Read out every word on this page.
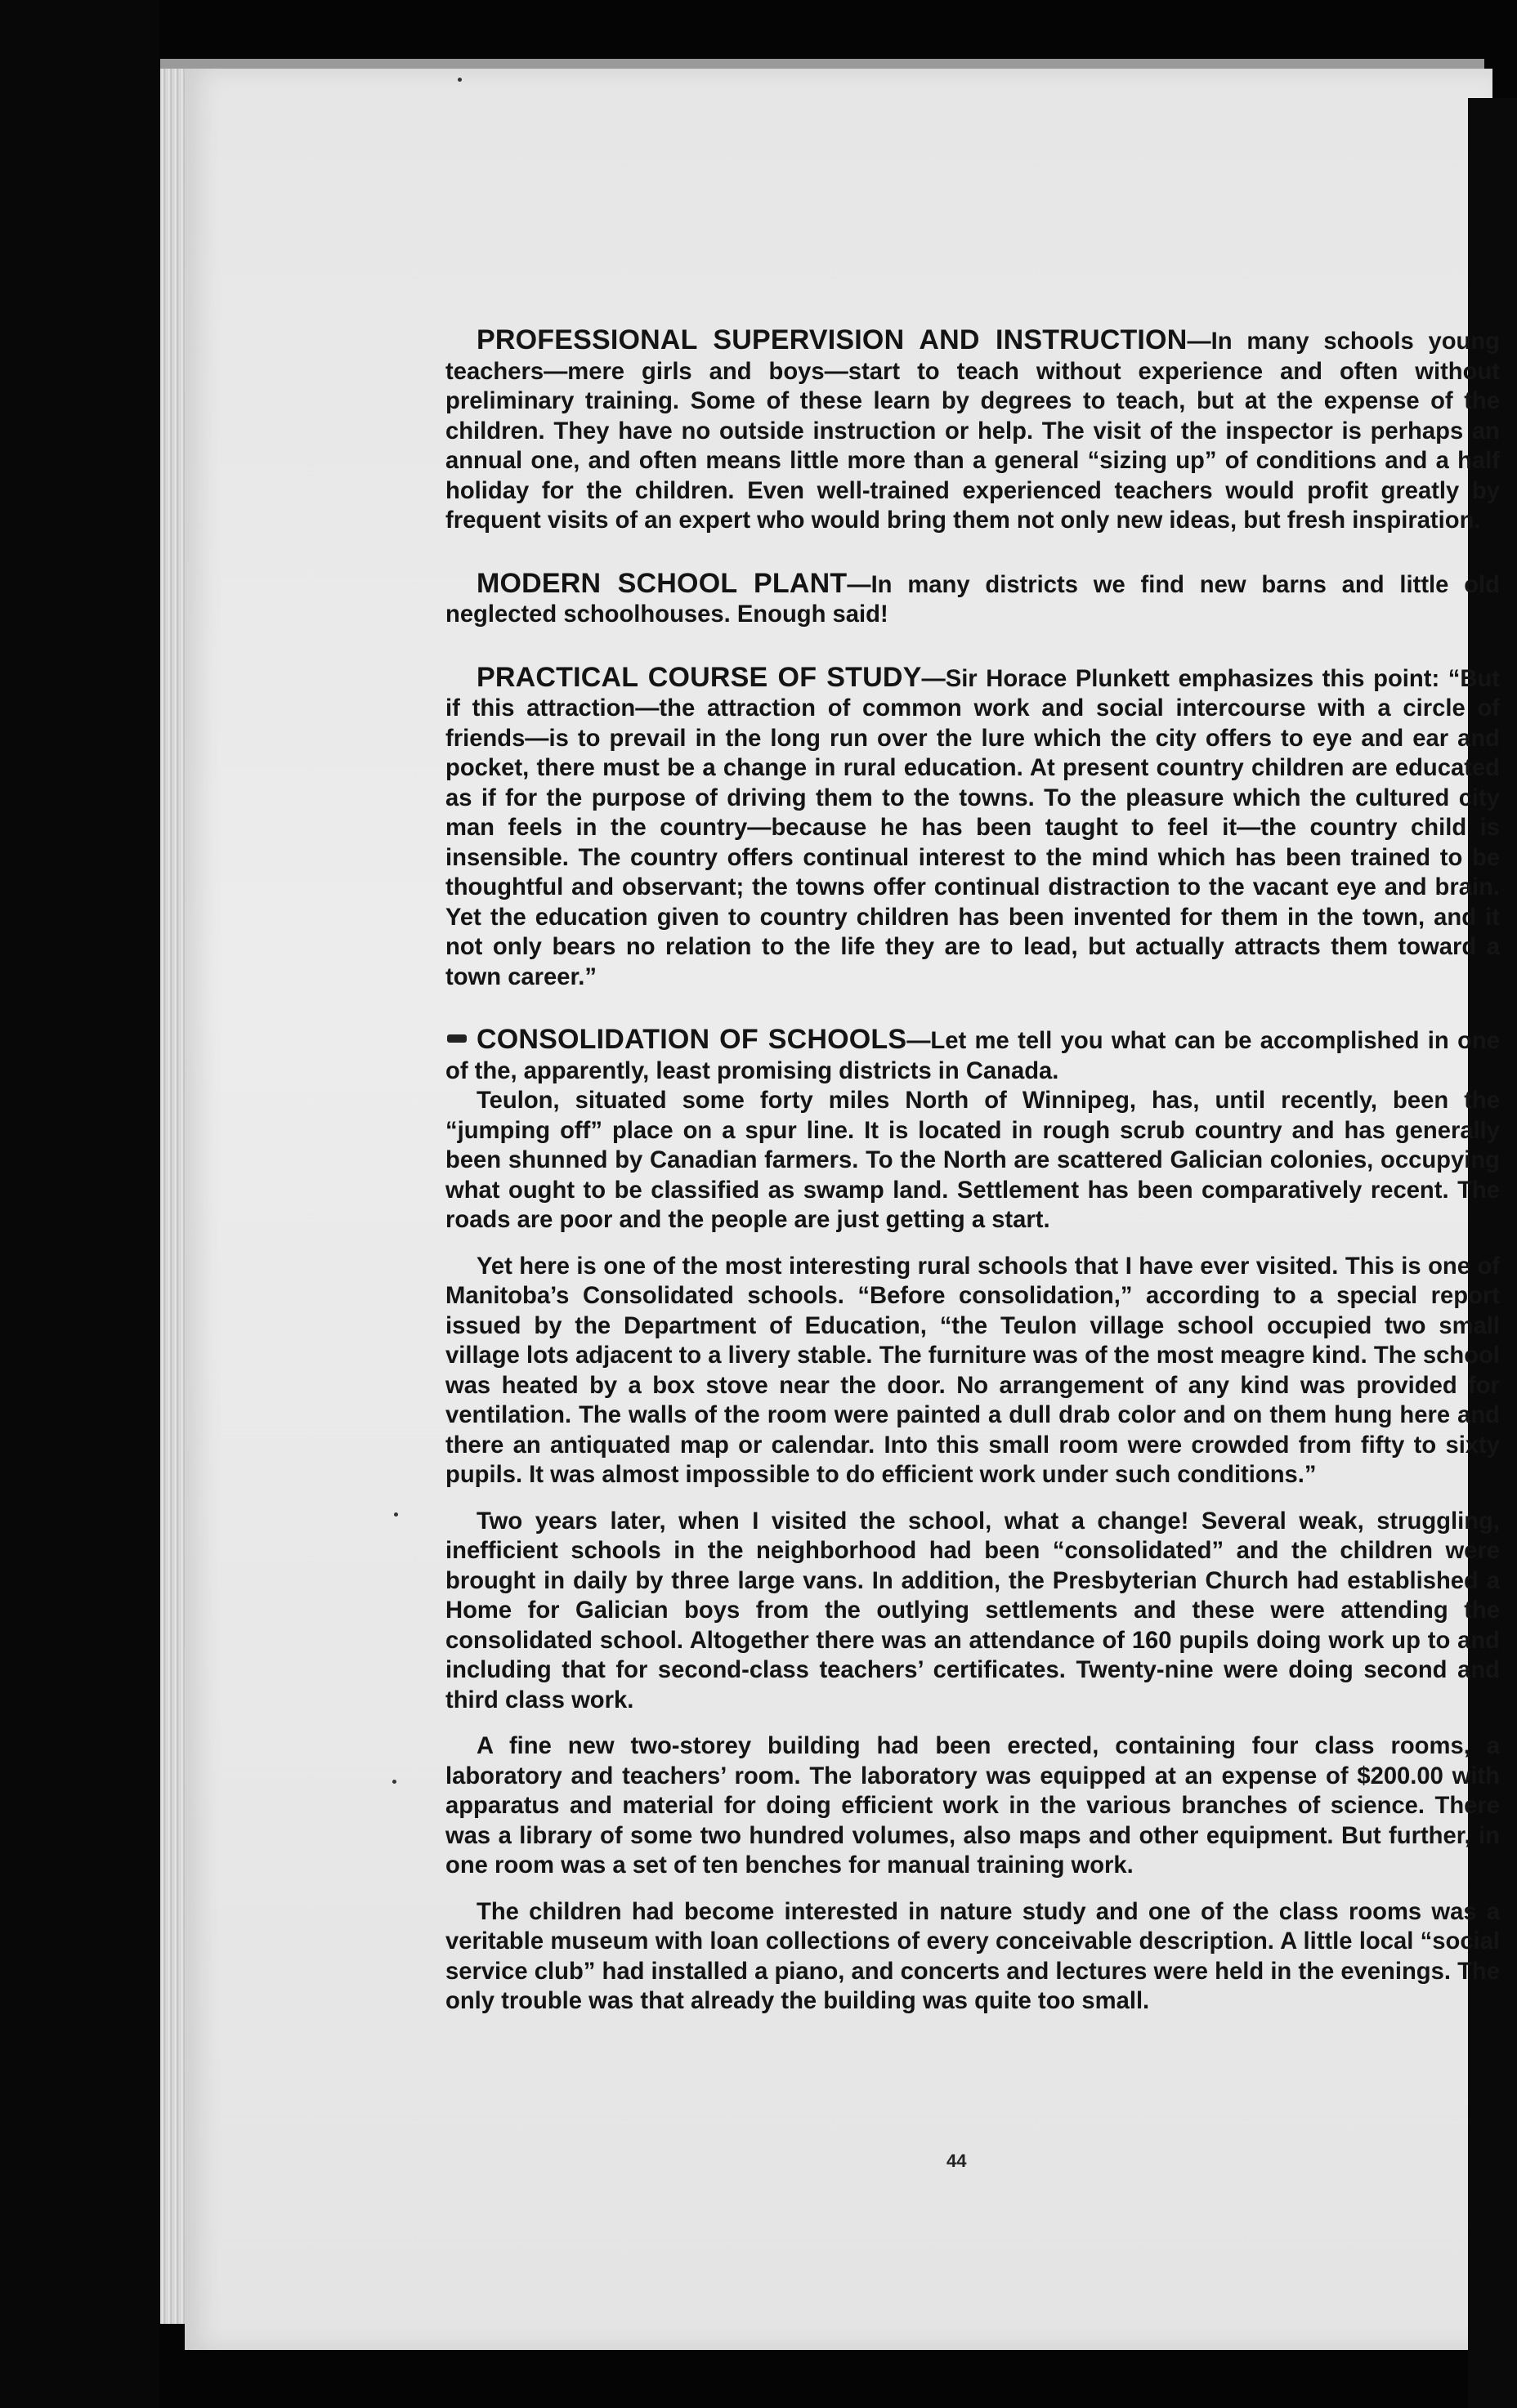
PROFESSIONAL SUPERVISION AND INSTRUCTION—In many schools young teachers—mere girls and boys—start to teach without experience and often without preliminary training. Some of these learn by degrees to teach, but at the expense of the children. They have no outside instruction or help. The visit of the inspector is perhaps an annual one, and often means little more than a general “sizing up” of conditions and a half holiday for the children. Even well-trained experienced teachers would profit greatly by frequent visits of an expert who would bring them not only new ideas, but fresh inspiration.

MODERN SCHOOL PLANT—In many districts we find new barns and little old neglected schoolhouses. Enough said!

PRACTICAL COURSE OF STUDY—Sir Horace Plunkett emphasizes this point: “But if this attraction—the attraction of common work and social intercourse with a circle of friends—is to prevail in the long run over the lure which the city offers to eye and ear and pocket, there must be a change in rural education. At present country children are educated as if for the purpose of driving them to the towns. To the pleasure which the cultured city man feels in the country—because he has been taught to feel it—the country child is insensible. The country offers continual interest to the mind which has been trained to be thoughtful and observant; the towns offer continual distraction to the vacant eye and brain. Yet the education given to country children has been invented for them in the town, and it not only bears no relation to the life they are to lead, but actually attracts them toward a town career.”

CONSOLIDATION OF SCHOOLS—Let me tell you what can be accomplished in one of the, apparently, least promising districts in Canada.

Teulon, situated some forty miles North of Winnipeg, has, until recently, been the “jumping off” place on a spur line. It is located in rough scrub country and has generally been shunned by Canadian farmers. To the North are scattered Galician colonies, occupying what ought to be classified as swamp land. Settlement has been comparatively recent. The roads are poor and the people are just getting a start.

Yet here is one of the most interesting rural schools that I have ever visited. This is one of Manitoba’s Consolidated schools. “Before consolidation,” according to a special report issued by the Department of Education, “the Teulon village school occupied two small village lots adjacent to a livery stable. The furniture was of the most meagre kind. The school was heated by a box stove near the door. No arrangement of any kind was provided for ventilation. The walls of the room were painted a dull drab color and on them hung here and there an antiquated map or calendar. Into this small room were crowded from fifty to sixty pupils. It was almost impossible to do efficient work under such conditions.”

Two years later, when I visited the school, what a change! Several weak, struggling, inefficient schools in the neighborhood had been “consolidated” and the children were brought in daily by three large vans. In addition, the Presbyterian Church had established a Home for Galician boys from the outlying settlements and these were attending the consolidated school. Altogether there was an attendance of 160 pupils doing work up to and including that for second-class teachers’ certificates. Twenty-nine were doing second and third class work.

A fine new two-storey building had been erected, containing four class rooms, a laboratory and teachers’ room. The laboratory was equipped at an expense of $200.00 with apparatus and material for doing efficient work in the various branches of science. There was a library of some two hundred volumes, also maps and other equipment. But further, in one room was a set of ten benches for manual training work.

The children had become interested in nature study and one of the class rooms was a veritable museum with loan collections of every conceivable description. A little local “social service club” had installed a piano, and concerts and lectures were held in the evenings. The only trouble was that already the building was quite too small.

44
